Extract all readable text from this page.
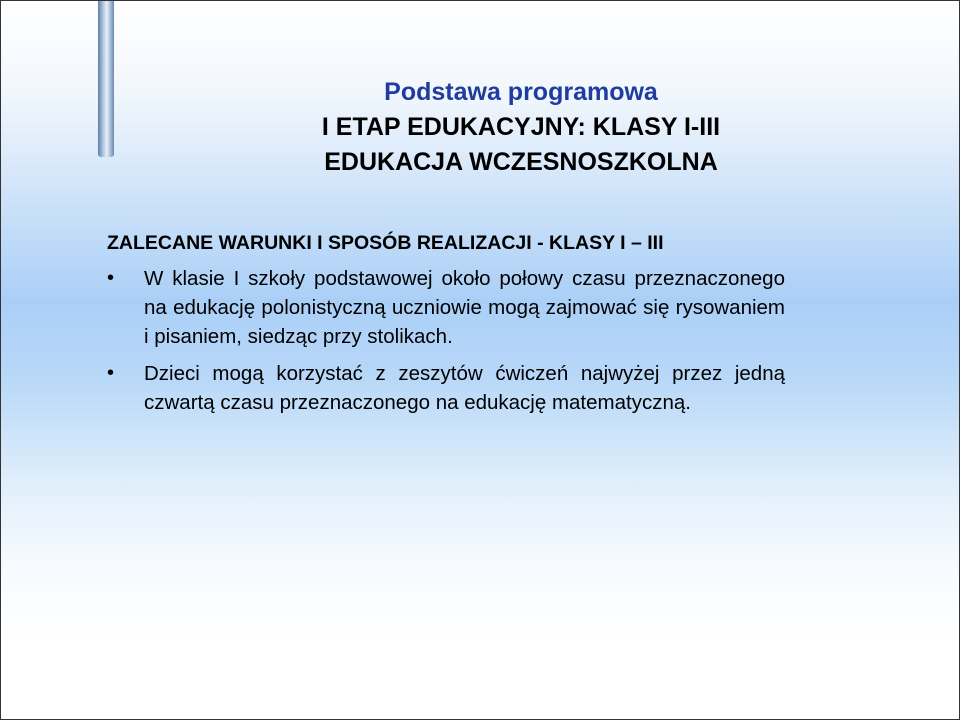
Podstawa programowa
I ETAP EDUKACYJNY: KLASY I-III
EDUKACJA WCZESNOSZKOLNA

ZALECANE WARUNKI I SPOSÓB REALIZACJI - KLASY I – III

• W klasie I szkoły podstawowej około połowy czasu przeznaczonego na edukację polonistyczną uczniowie mogą zajmować się rysowaniem i pisaniem, siedząc przy stolikach.
• Dzieci mogą korzystać z zeszytów ćwiczeń najwyżej przez jedną czwartą czasu przeznaczonego na edukację matematyczną.
